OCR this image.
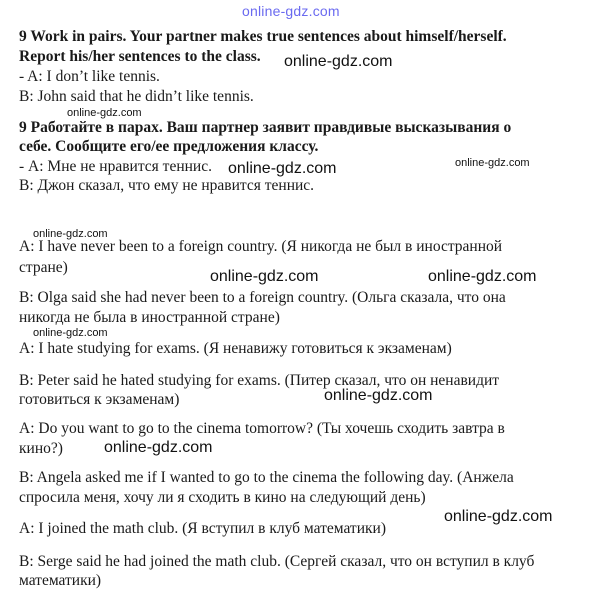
online-gdz.com
9 Work in pairs. Your partner makes true sentences about himself/herself.
Report his/her sentences to the class. online-gdz.com
- A: I don’t like tennis.
B: John said that he didn’t like tennis.
online-gdz.com
9 Работайте в парах. Ваш партнер заявит правдивые высказывания о
себе. Сообщите его/ее предложения классу.
- А: Мне не нравится теннис. online-gdz.com	online-gdz.com
В: Джон сказал, что ему не нравится теннис.
online-gdz.com
A: I have never been to a foreign country. (Я никогда не был в иностранной
стране)
online-gdz.com	online-gdz.com
B: Olga said she had never been to a foreign country. (Ольга сказала, что она
никогда не была в иностранной стране)
online-gdz.com
A: I hate studying for exams. (Я ненавижу готовиться к экзаменам)
B: Peter said he hated studying for exams. (Питер сказал, что он ненавидит
готовиться к экзаменам)	online-gdz.com
A: Do you want to go to the cinema tomorrow? (Ты хочешь сходить завтра в
кино?)	online-gdz.com
B: Angela asked me if I wanted to go to the cinema the following day. (Анжела
спросила меня, хочу ли я сходить в кино на следующий день)
online-gdz.com
A: I joined the math club. (Я вступил в клуб математики)
B: Serge said he had joined the math club. (Сергей сказал, что он вступил в клуб
математики)
